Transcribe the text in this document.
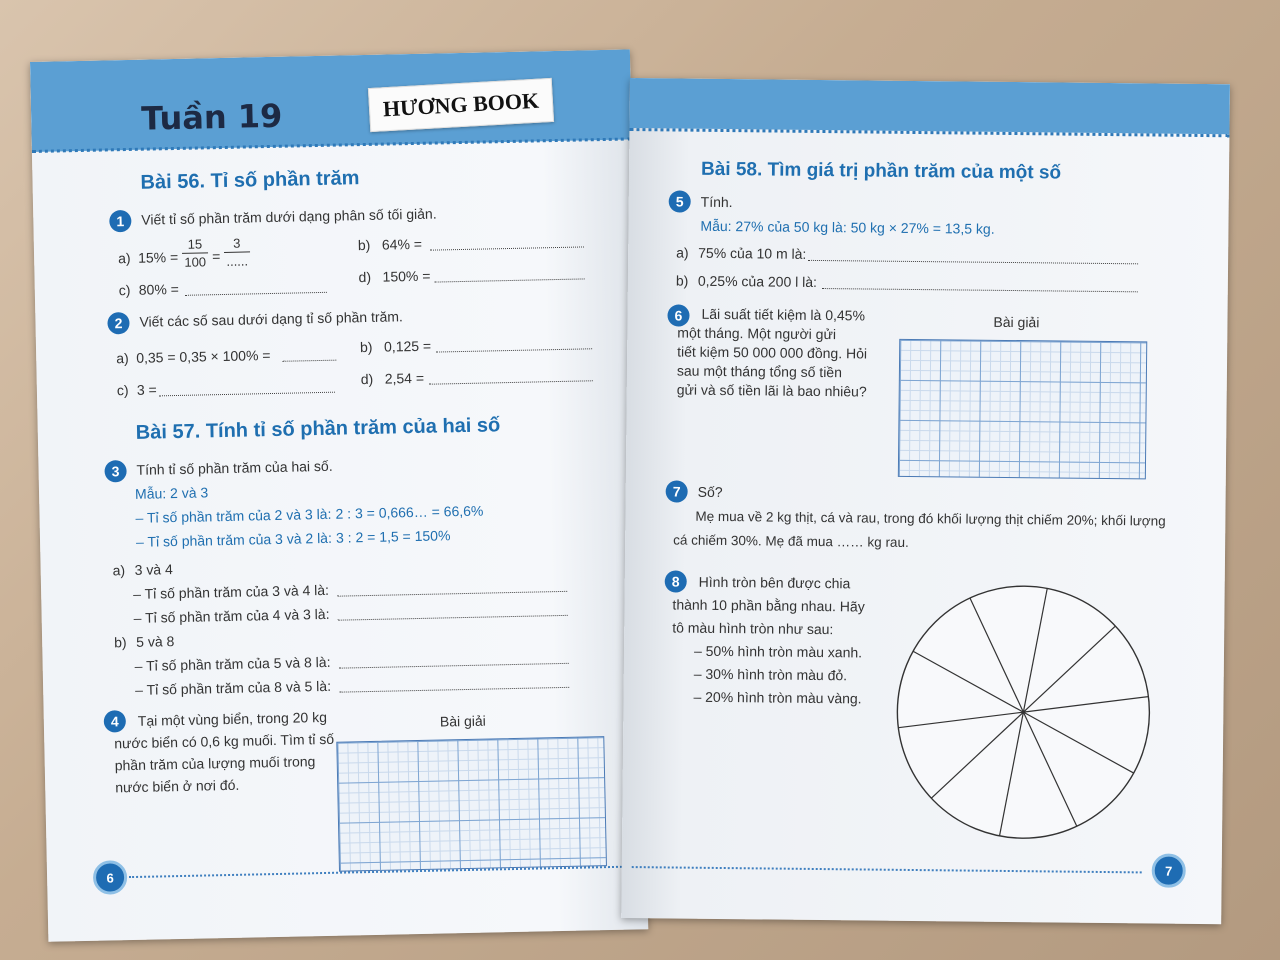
Tuần 19	HƯƠNG BOOK
Bài 56. Tỉ số phần trăm
1	Viết tỉ số phần trăm dưới dạng phân số tối giản.
a) 15% =
15
100 =
3
......
b) 64% =
c) 80% =
d) 150% =
2	Viết các số sau dưới dạng tỉ số phần trăm.
a) 0,35 = 0,35 × 100% =
b) 0,125 =
c) 3 =
d) 2,54 =
Bài 57. Tính tỉ số phần trăm của hai số
3	Tính tỉ số phần trăm của hai số.
Mẫu: 2 và 3
– Tỉ số phần trăm của 2 và 3 là: 2 : 3 = 0,666… = 66,6%
– Tỉ số phần trăm của 3 và 2 là: 3 : 2 = 1,5 = 150%
a) 3 và 4
– Tỉ số phần trăm của 3 và 4 là:
– Tỉ số phần trăm của 4 và 3 là:
b) 5 và 8
– Tỉ số phần trăm của 5 và 8 là:
– Tỉ số phần trăm của 8 và 5 là:
4	Tại một vùng biển, trong 20 kg
nước biển có 0,6 kg muối. Tìm tỉ số
phần trăm của lượng muối trong
nước biển ở nơi đó.
Bài giải
6
Bài 58. Tìm giá trị phần trăm của một số
5	Tính.
Mẫu: 27% của 50 kg là: 50 kg × 27% = 13,5 kg.
a) 75% của 10 m là:
b) 0,25% của 200 l là:
6	Lãi suất tiết kiệm là 0,45%
một tháng. Một người gửi
tiết kiệm 50 000 000 đồng. Hỏi
sau một tháng tổng số tiền
gửi và số tiền lãi là bao nhiêu?
Bài giải
7	Số?
Mẹ mua về 2 kg thịt, cá và rau, trong đó khối lượng thịt chiếm 20%; khối lượng
cá chiếm 30%. Mẹ đã mua …… kg rau.
8	Hình tròn bên được chia
thành 10 phần bằng nhau. Hãy
tô màu hình tròn như sau:
– 50% hình tròn màu xanh.
– 30% hình tròn màu đỏ.
– 20% hình tròn màu vàng.
7
